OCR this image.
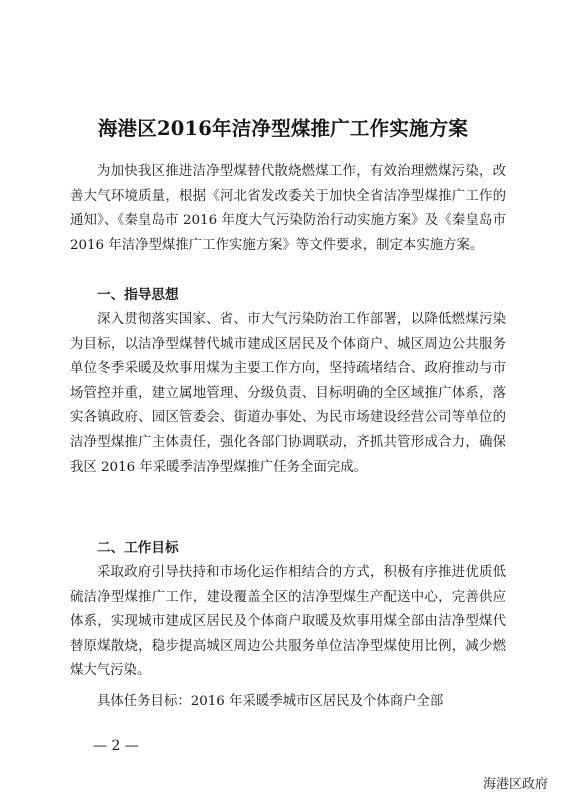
海港区2016年洁净型煤推广工作实施方案

为加快我区推进洁净型煤替代散烧燃煤工作，有效治理燃煤污染，改善大气环境质量，根据《河北省发改委关于加快全省洁净型煤推广工作的通知》、《秦皇岛市 2016 年度大气污染防治行动实施方案》及《秦皇岛市 2016 年洁净型煤推广工作实施方案》等文件要求，制定本实施方案。

一、指导思想

深入贯彻落实国家、省、市大气污染防治工作部署，以降低燃煤污染为目标，以洁净型煤替代城市建成区居民及个体商户、城区周边公共服务单位冬季采暖及炊事用煤为主要工作方向，坚持疏堵结合、政府推动与市场管控并重，建立属地管理、分级负责、目标明确的全区域推广体系，落实各镇政府、园区管委会、街道办事处、为民市场建设经营公司等单位的洁净型煤推广主体责任，强化各部门协调联动，齐抓共管形成合力，确保我区 2016 年采暖季洁净型煤推广任务全面完成。

二、工作目标

采取政府引导扶持和市场化运作相结合的方式，积极有序推进优质低硫洁净型煤推广工作，建设覆盖全区的洁净型煤生产配送中心，完善供应体系，实现城市建成区居民及个体商户取暖及炊事用煤全部由洁净型煤代替原煤散烧，稳步提高城区周边公共服务单位洁净型煤使用比例，减少燃煤大气污染。

具体任务目标：2016 年采暖季城市区居民及个体商户全部

— 2 —
海港区政府
